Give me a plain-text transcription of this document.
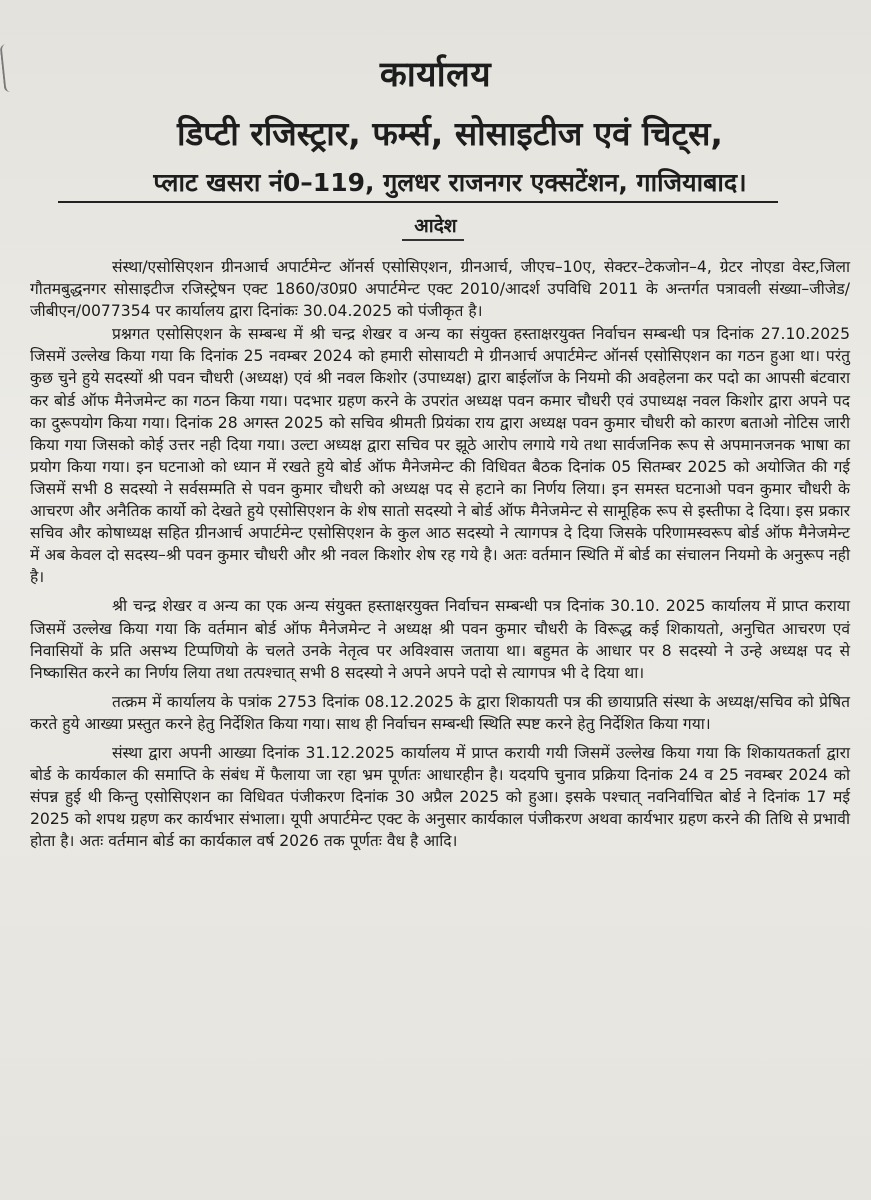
कार्यालय
डिप्टी रजिस्ट्रार, फर्म्स, सोसाइटीज एवं चिट्स,
प्लाट खसरा नं0–119, गुलधर राजनगर एक्सटेंशन, गाजियाबाद।
आदेश

संस्था/एसोसिएशन ग्रीनआर्च अपार्टमेन्ट ऑनर्स एसोसिएशन, ग्रीनआर्च, जीएच–10ए, सेक्टर–टेकजोन–4, ग्रेटर नोएडा वेस्ट,जिला गौतमबुद्धनगर सोसाइटीज रजिस्ट्रेषन एक्ट 1860/उ0प्र0 अपार्टमेन्ट एक्ट 2010/आदर्श उपविधि 2011 के अन्तर्गत पत्रावली संख्या–जीजेड/जीबीएन/0077354 पर कार्यालय द्वारा दिनांकः 30.04.2025 को पंजीकृत है।

प्रश्नगत एसोसिएशन के सम्बन्ध में श्री चन्द्र शेखर व अन्य का संयुक्त हस्ताक्षरयुक्त निर्वाचन सम्बन्धी पत्र दिनांक 27.10.2025 जिसमें उल्लेख किया गया कि दिनांक 25 नवम्बर 2024 को हमारी सोसायटी मे ग्रीनआर्च अपार्टमेन्ट ऑनर्स एसोसिएशन का गठन हुआ था। परंतु कुछ चुने हुये सदस्यों श्री पवन चौधरी (अध्यक्ष) एवं श्री नवल किशोर (उपाध्यक्ष) द्वारा बाईलॉज के नियमो की अवहेलना कर पदो का आपसी बंटवारा कर बोर्ड ऑफ मैनेजमेन्ट का गठन किया गया। पदभार ग्रहण करने के उपरांत अध्यक्ष पवन कमार चौधरी एवं उपाध्यक्ष नवल किशोर द्वारा अपने पद का दुरूपयोग किया गया। दिनांक 28 अगस्त 2025 को सचिव श्रीमती प्रियंका राय द्वारा अध्यक्ष पवन कुमार चौधरी को कारण बताओ नोटिस जारी किया गया जिसको कोई उत्तर नही दिया गया। उल्टा अध्यक्ष द्वारा सचिव पर झूठे आरोप लगाये गये तथा सार्वजनिक रूप से अपमानजनक भाषा का प्रयोग किया गया। इन घटनाओ को ध्यान में रखते हुये बोर्ड ऑफ मैनेजमेन्ट की विधिवत बैठक दिनांक 05 सितम्बर 2025 को अयोजित की गई जिसमें सभी 8 सदस्यो ने सर्वसम्मति से पवन कुमार चौधरी को अध्यक्ष पद से हटाने का निर्णय लिया। इन समस्त घटनाओ पवन कुमार चौधरी के आचरण और अनैतिक कार्यो को देखते हुये एसोसिएशन के शेष सातो सदस्यो ने बोर्ड ऑफ मैनेजमेन्ट से सामूहिक रूप से इस्तीफा दे दिया। इस प्रकार सचिव और कोषाध्यक्ष सहित ग्रीनआर्च अपार्टमेन्ट एसोसिएशन के कुल आठ सदस्यो ने त्यागपत्र दे दिया जिसके परिणामस्वरूप बोर्ड ऑफ मैनेजमेन्ट में अब केवल दो सदस्य–श्री पवन कुमार चौधरी और श्री नवल किशोर शेष रह गये है। अतः वर्तमान स्थिति में बोर्ड का संचालन नियमो के अनुरूप नही है।

श्री चन्द्र शेखर व अन्य का एक अन्य संयुक्त हस्ताक्षरयुक्त निर्वाचन सम्बन्धी पत्र दिनांक 30.10. 2025 कार्यालय में प्राप्त कराया जिसमें उल्लेख किया गया कि वर्तमान बोर्ड ऑफ मैनेजमेन्ट ने अध्यक्ष श्री पवन कुमार चौधरी के विरूद्ध कई शिकायतो, अनुचित आचरण एवं निवासियों के प्रति असभ्य टिप्पणियो के चलते उनके नेतृत्व पर अविश्वास जताया था। बहुमत के आधार पर 8 सदस्यो ने उन्हे अध्यक्ष पद से निष्कासित करने का निर्णय लिया तथा तत्पश्चात् सभी 8 सदस्यो ने अपने अपने पदो से त्यागपत्र भी दे दिया था।

तत्क्रम में कार्यालय के पत्रांक 2753 दिनांक 08.12.2025 के द्वारा शिकायती पत्र की छायाप्रति संस्था के अध्यक्ष/सचिव को प्रेषित करते हुये आख्या प्रस्तुत करने हेतु निर्देशित किया गया। साथ ही निर्वाचन सम्बन्धी स्थिति स्पष्ट करने हेतु निर्देशित किया गया।

संस्था द्वारा अपनी आख्या दिनांक 31.12.2025 कार्यालय में प्राप्त करायी गयी जिसमें उल्लेख किया गया कि शिकायतकर्ता द्वारा बोर्ड के कार्यकाल की समाप्ति के संबंध में फैलाया जा रहा भ्रम पूर्णतः आधारहीन है। यदयपि चुनाव प्रक्रिया दिनांक 24 व 25 नवम्बर 2024 को संपन्न हुई थी किन्तु एसोसिएशन का विधिवत पंजीकरण दिनांक 30 अप्रैल 2025 को हुआ। इसके पश्चात् नवनिर्वाचित बोर्ड ने दिनांक 17 मई 2025 को शपथ ग्रहण कर कार्यभार संभाला। यूपी अपार्टमेन्ट एक्ट के अनुसार कार्यकाल पंजीकरण अथवा कार्यभार ग्रहण करने की तिथि से प्रभावी होता है। अतः वर्तमान बोर्ड का कार्यकाल वर्ष 2026 तक पूर्णतः वैध है आदि।
